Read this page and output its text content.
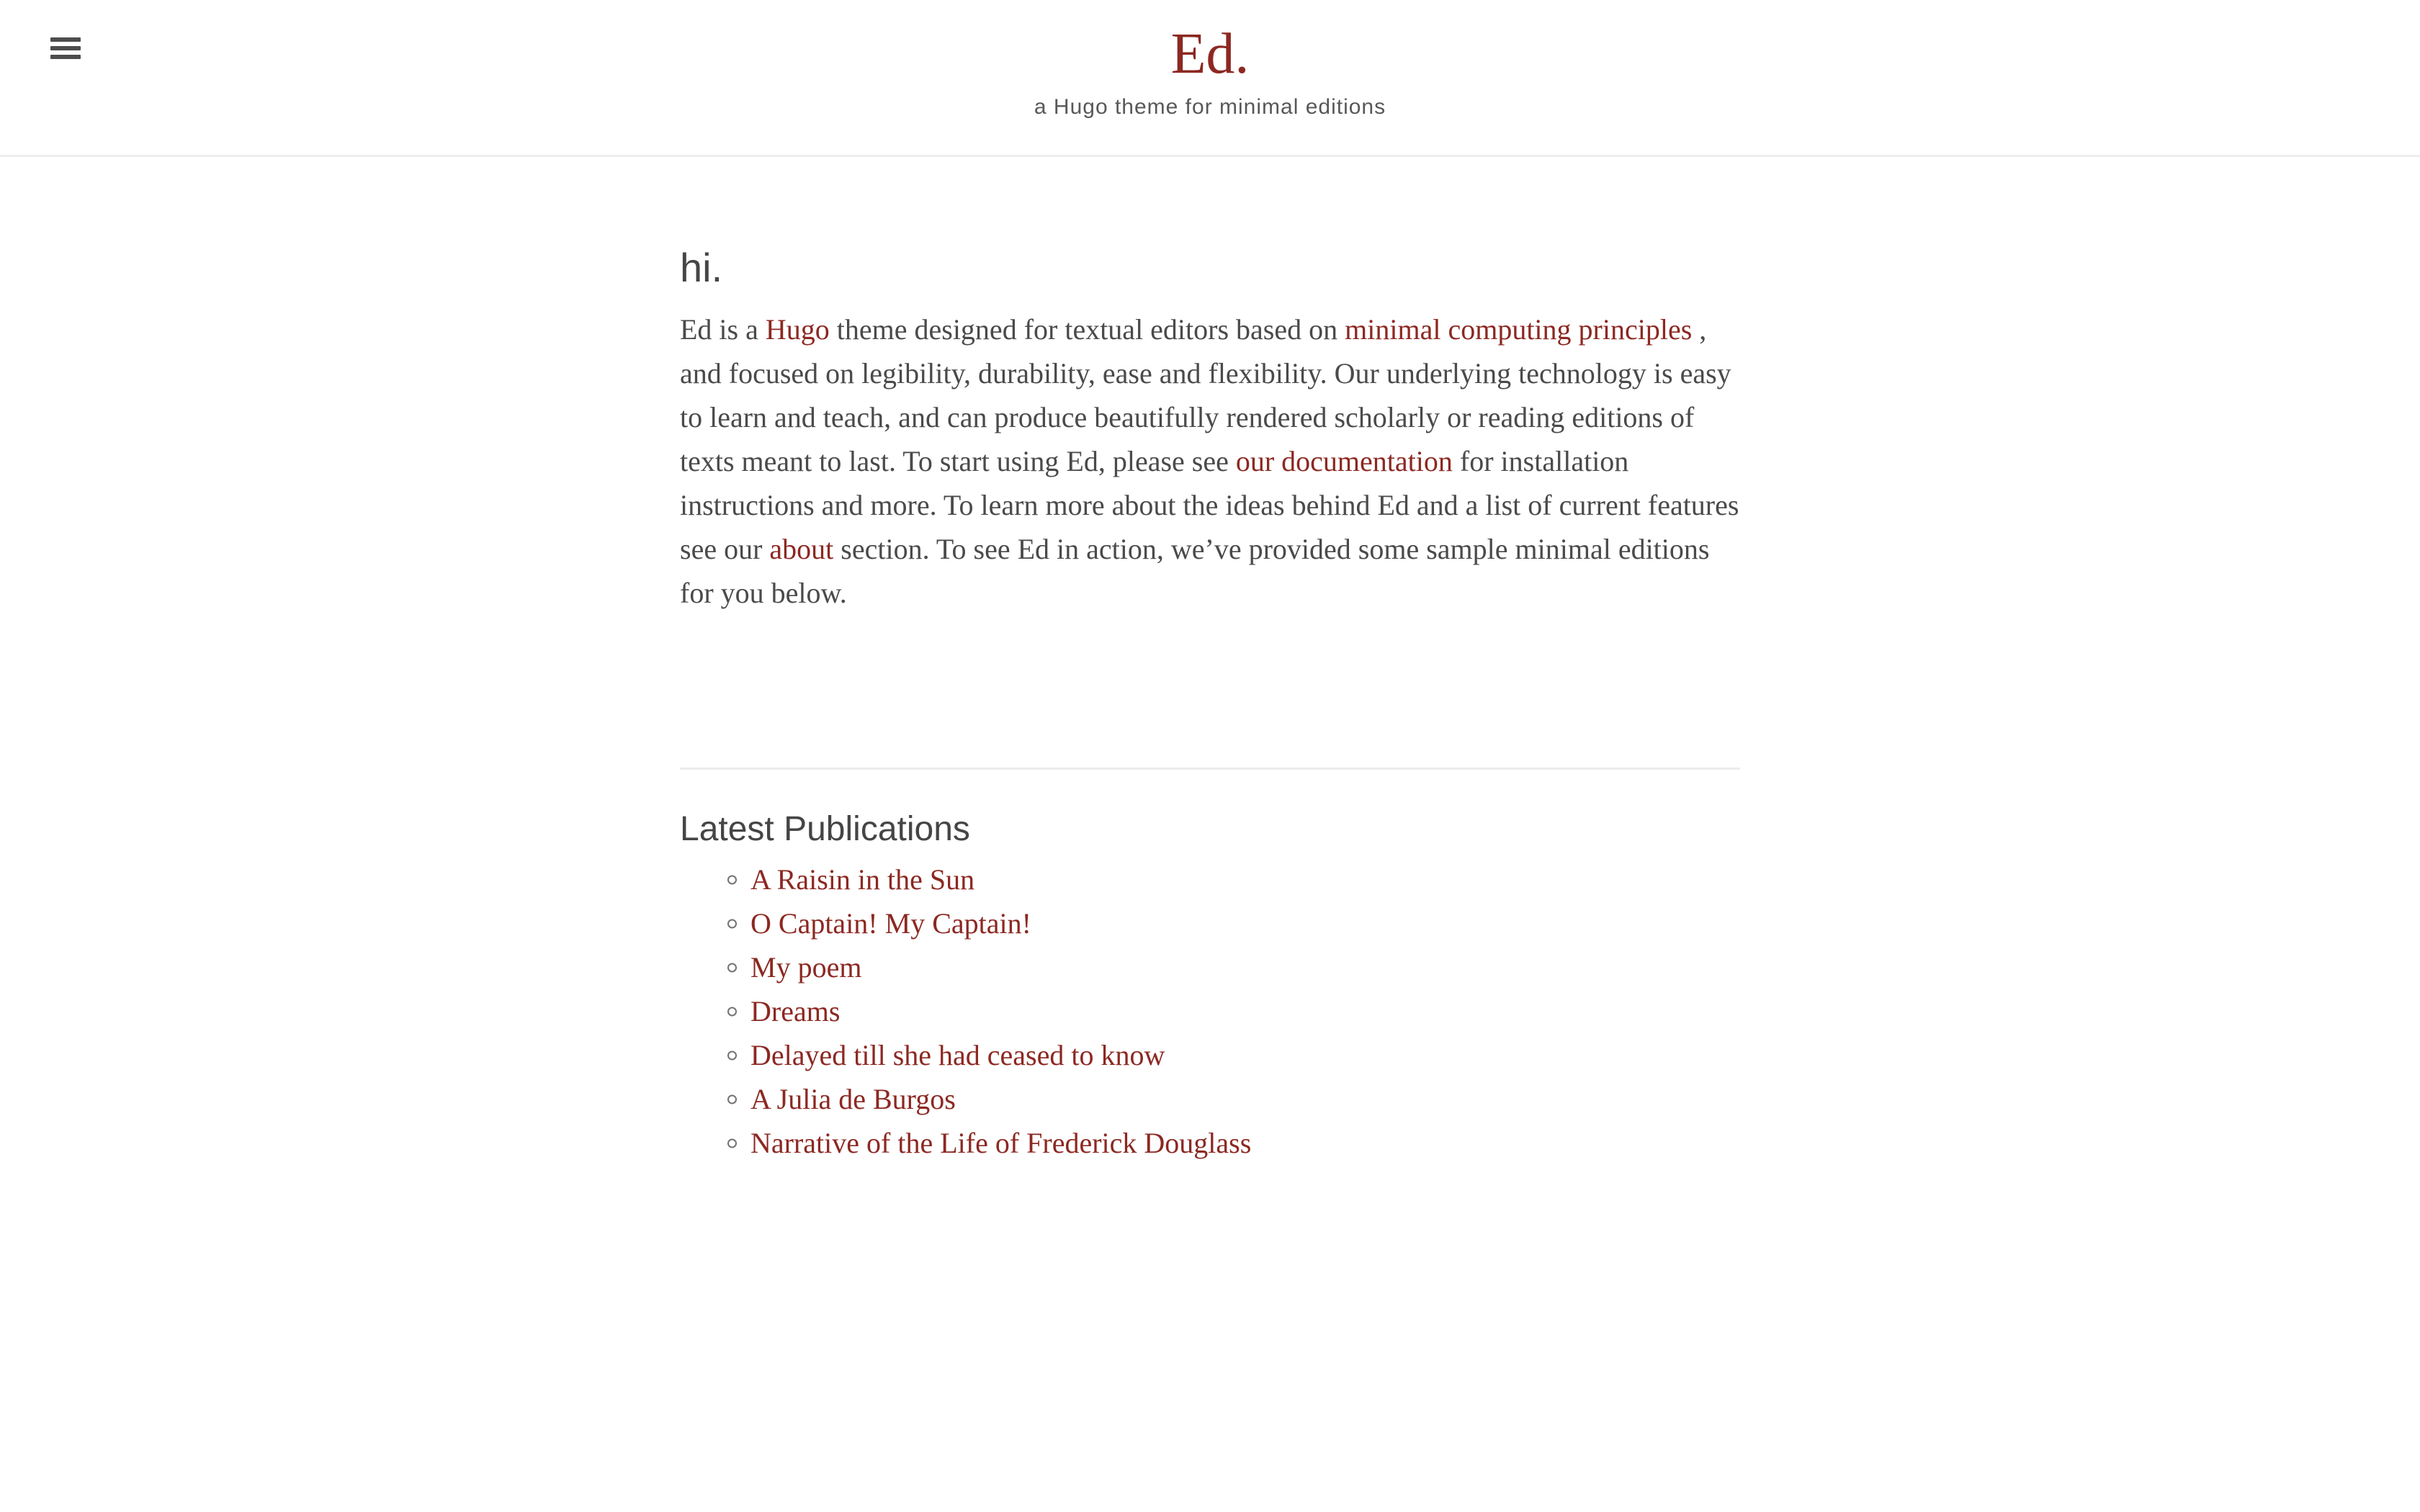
Ed.

a Hugo theme for minimal editions

hi.

Ed is a Hugo theme designed for textual editors based on minimal computing principles , and focused on legibility, durability, ease and flexibility. Our underlying technology is easy to learn and teach, and can produce beautifully rendered scholarly or reading editions of texts meant to last. To start using Ed, please see our documentation for installation instructions and more. To learn more about the ideas behind Ed and a list of current features see our about section. To see Ed in action, we’ve provided some sample minimal editions for you below.

Latest Publications
A Raisin in the Sun
O Captain! My Captain!
My poem
Dreams
Delayed till she had ceased to know
A Julia de Burgos
Narrative of the Life of Frederick Douglass
